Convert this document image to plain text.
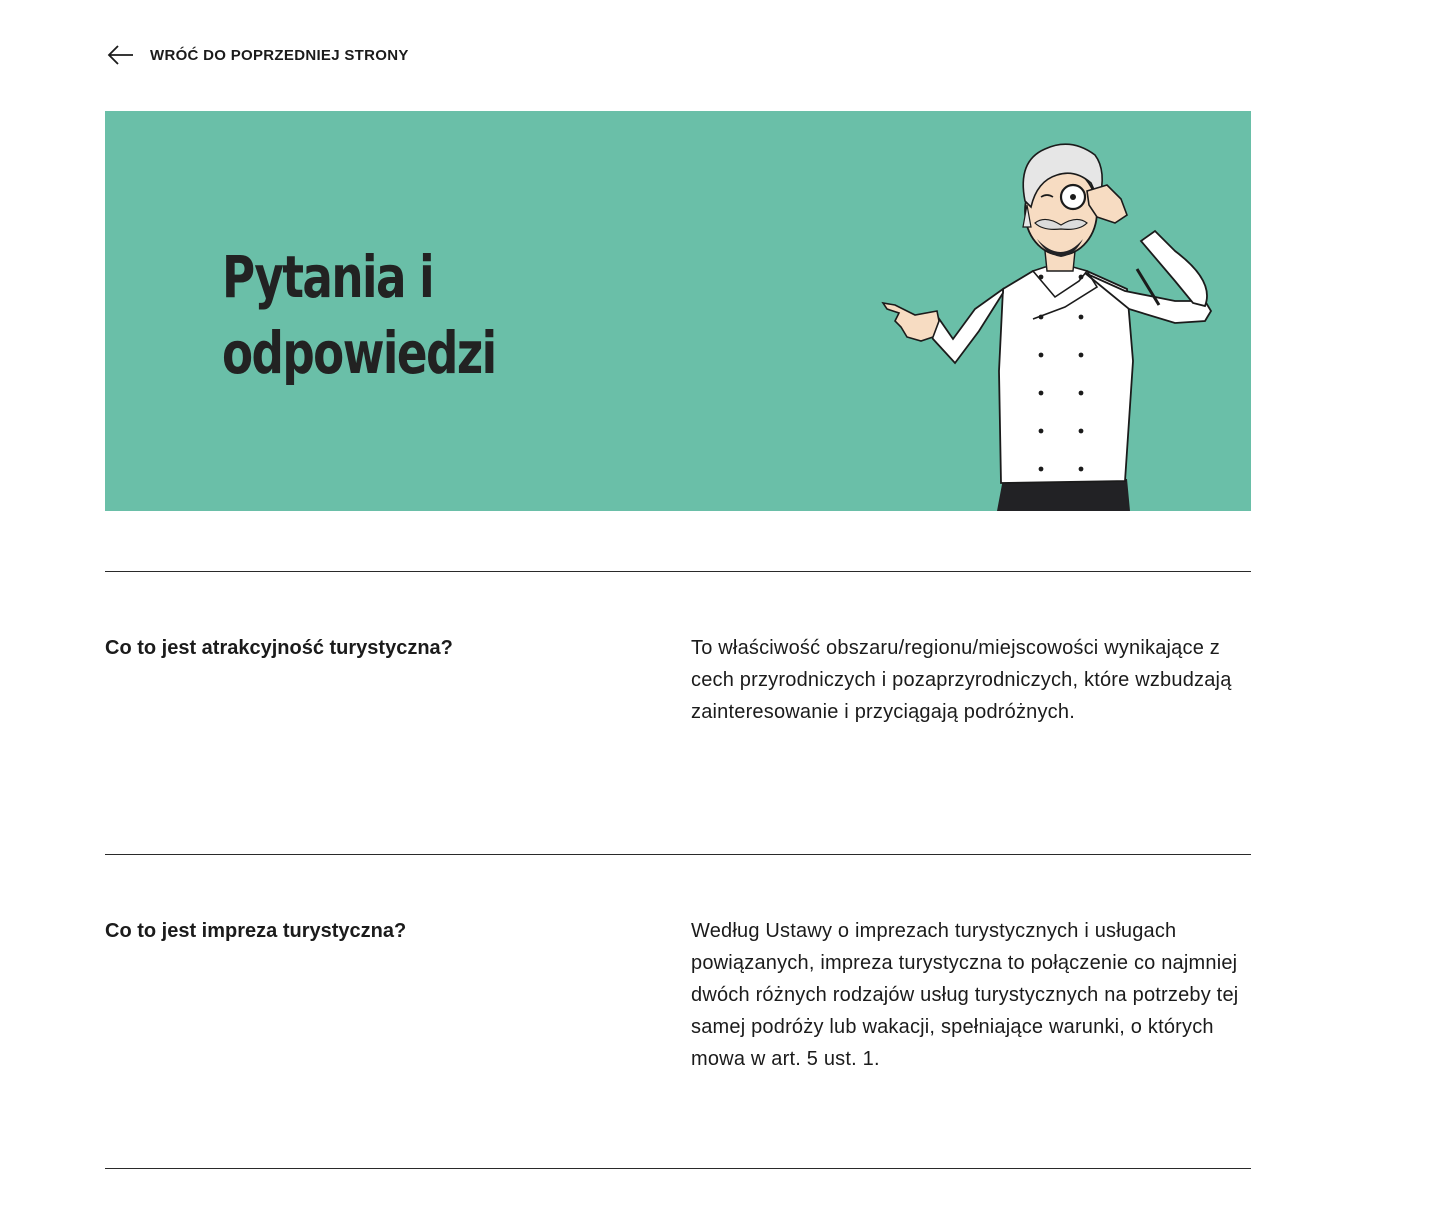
WRÓĆ DO POPRZEDNIEJ STRONY
Pytania i
odpowiedzi
Co to jest atrakcyjność turystyczna?	To właściwość obszaru/regionu/miejscowości wynikające z cech przyrodniczych i pozaprzyrodniczych, które wzbudzają zainteresowanie i przyciągają podróżnych.

Co to jest impreza turystyczna?	Według Ustawy o imprezach turystycznych i usługach powiązanych, impreza turystyczna to połączenie co najmniej dwóch różnych rodzajów usług turystycznych na potrzeby tej samej podróży lub wakacji, spełniające warunki, o których mowa w art. 5 ust. 1.
